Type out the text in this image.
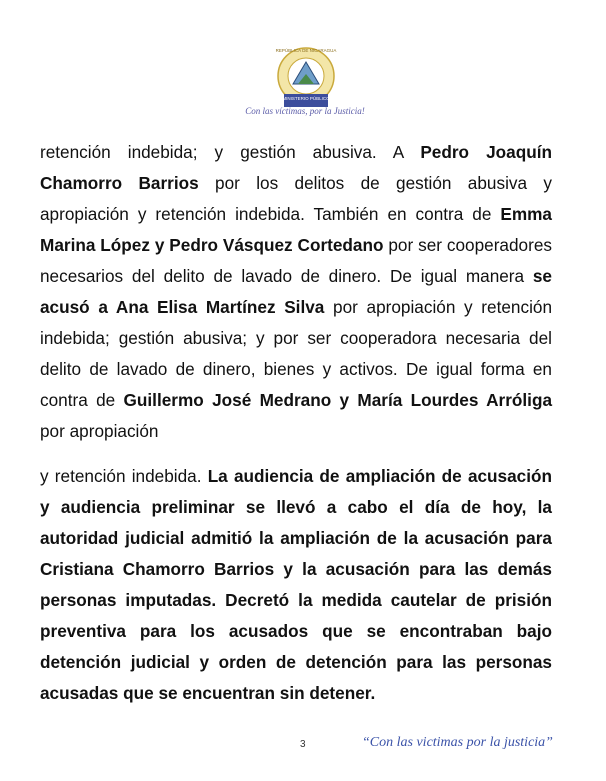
REPÚBLICA DE NICARAGUA
MINISTERIO PÚBLICO
Con las víctimas, por la Justicia!

retención indebida; y gestión abusiva. A Pedro Joaquín Chamorro Barrios por los delitos de gestión abusiva y apropiación y retención indebida. También en contra de Emma Marina López y Pedro Vásquez Cortedano por ser cooperadores necesarios del delito de lavado de dinero. De igual manera se acusó a Ana Elisa Martínez Silva por apropiación y retención indebida; gestión abusiva; y por ser cooperadora necesaria del delito de lavado de dinero, bienes y activos. De igual forma en contra de Guillermo José Medrano y María Lourdes Arróliga por apropiación

y retención indebida. La audiencia de ampliación de acusación y audiencia preliminar se llevó a cabo el día de hoy, la autoridad judicial admitió la ampliación de la acusación para Cristiana Chamorro Barrios y la acusación para las demás personas imputadas. Decretó la medida cautelar de prisión preventiva para los acusados que se encontraban bajo detención judicial y orden de detención para las personas acusadas que se encuentran sin detener.

3	“Con las victimas por la justicia”
